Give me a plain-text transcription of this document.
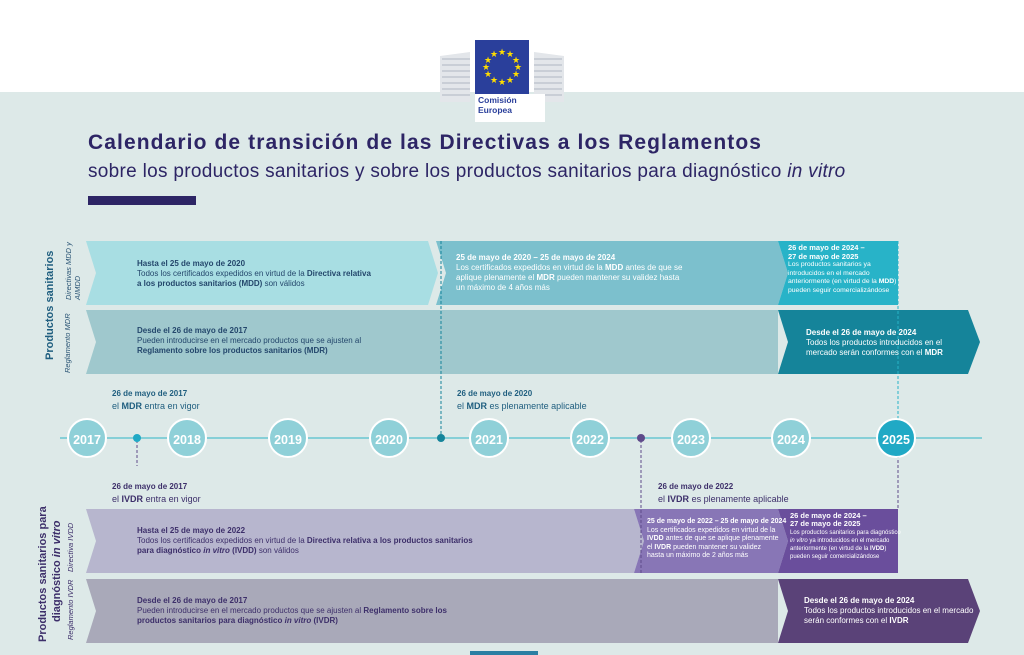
★ ★
★
★
★
★
★
★
★
★
★
★
Comisión
Europea
Calendario de transición de las Directivas a los Reglamentos
sobre los productos sanitarios y sobre los productos sanitarios para diagnóstico in vitro
Productos sanitarios Directivas MDD y AIMDD
Reglamento MDR
Productos sanitarios para diagnóstico in vitro Directiva IVDD
Reglamento IVDR
Hasta el 25 de mayo de 2020
Todos los certificados expedidos en virtud de la Directiva relativa
a los productos sanitarios (MDD) son válidos
25 de mayo de 2020 – 25 de mayo de 2024
Los certificados expedidos en virtud de la MDD antes de que se
aplique plenamente el MDR pueden mantener su validez hasta
un máximo de 4 años más
26 de mayo de 2024 –
27 de mayo de 2025
Los productos sanitarios ya
introducidos en el mercado
anteriormente (en virtud de la MDD)
pueden seguir comercializándose
Desde el 26 de mayo de 2017
Pueden introducirse en el mercado productos que se ajusten al
Reglamento sobre los productos sanitarios (MDR)
Desde el 26 de mayo de 2024
Todos los productos introducidos en el
mercado serán conformes con el MDR
26 de mayo de 2017
el MDR entra en vigor
26 de mayo de 2020
el MDR es plenamente aplicable
26 de mayo de 2017
el IVDR entra en vigor
26 de mayo de 2022
el IVDR es plenamente aplicable
2017	2018	2019	2020	2021	2022	2023	2024	2025
Hasta el 25 de mayo de 2022
Todos los certificados expedidos en virtud de la Directiva relativa a los productos sanitarios
para diagnóstico in vitro (IVDD) son válidos
25 de mayo de 2022 – 25 de mayo de 2024
Los certificados expedidos en virtud de la
IVDD antes de que se aplique plenamente
el IVDR pueden mantener su validez
hasta un máximo de 2 años más
26 de mayo de 2024 –
27 de mayo de 2025
Los productos sanitarios para diagnóstico
in vitro ya introducidos en el mercado
anteriormente (en virtud de la IVDD)
pueden seguir comercializándose
Desde el 26 de mayo de 2017
Pueden introducirse en el mercado productos que se ajusten al Reglamento sobre los
productos sanitarios para diagnóstico in vitro (IVDR)
Desde el 26 de mayo de 2024
Todos los productos introducidos en el mercado
serán conformes con el IVDR
